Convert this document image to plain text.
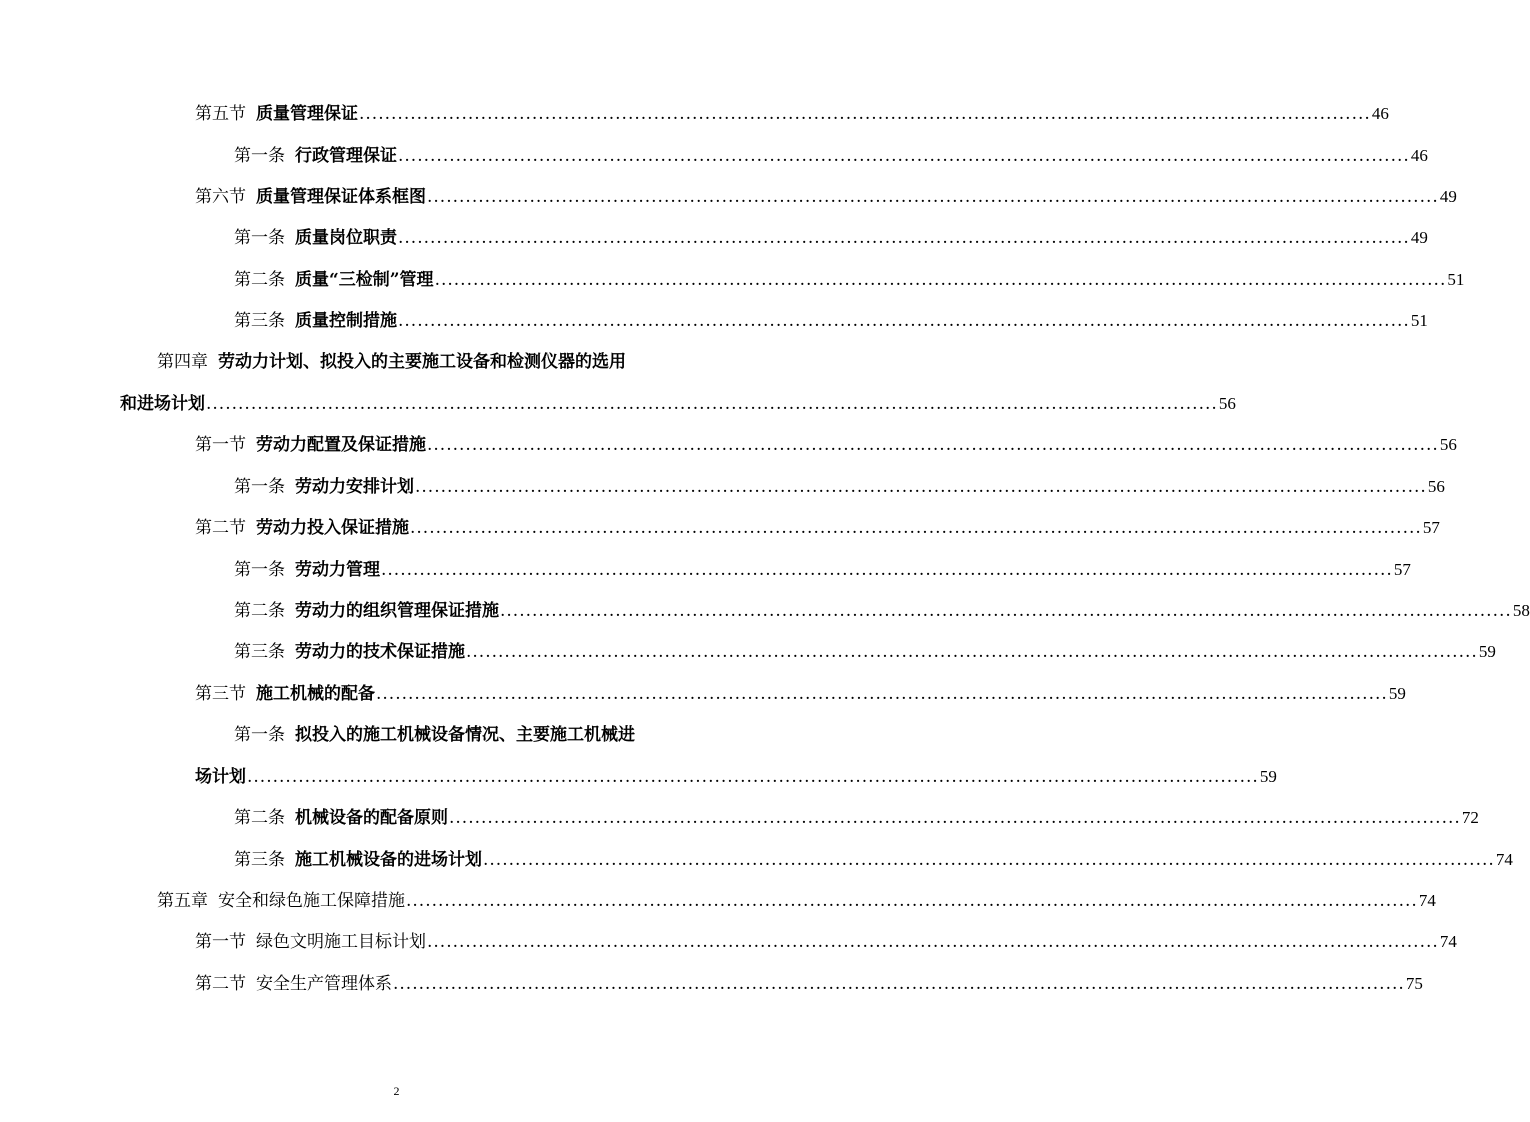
第五节 质量管理保证 .............................................................................................................................................................. 46
第一条 行政管理保证 .............................................................................................................................................................. 46
第六节 质量管理保证体系框图 .............................................................................................................................................................. 49
第一条 质量岗位职责 .............................................................................................................................................................. 49
第二条 质量“三检制”管理 .............................................................................................................................................................. 51
第三条 质量控制措施 .............................................................................................................................................................. 51
第四章 劳动力计划、拟投入的主要施工设备和检测仪器的选用
和进场计划 .............................................................................................................................................................. 56
第一节 劳动力配置及保证措施 .............................................................................................................................................................. 56
第一条 劳动力安排计划 .............................................................................................................................................................. 56
第二节 劳动力投入保证措施 .............................................................................................................................................................. 57
第一条 劳动力管理 .............................................................................................................................................................. 57
第二条 劳动力的组织管理保证措施 .............................................................................................................................................................. 58
第三条 劳动力的技术保证措施 .............................................................................................................................................................. 59
第三节 施工机械的配备 .............................................................................................................................................................. 59
第一条 拟投入的施工机械设备情况、主要施工机械进
场计划 .............................................................................................................................................................. 59
第二条 机械设备的配备原则 .............................................................................................................................................................. 72
第三条 施工机械设备的进场计划 .............................................................................................................................................................. 74
第五章 安全和绿色施工保障措施 .............................................................................................................................................................. 74
第一节 绿色文明施工目标计划 .............................................................................................................................................................. 74
第二节 安全生产管理体系 .............................................................................................................................................................. 75
2
